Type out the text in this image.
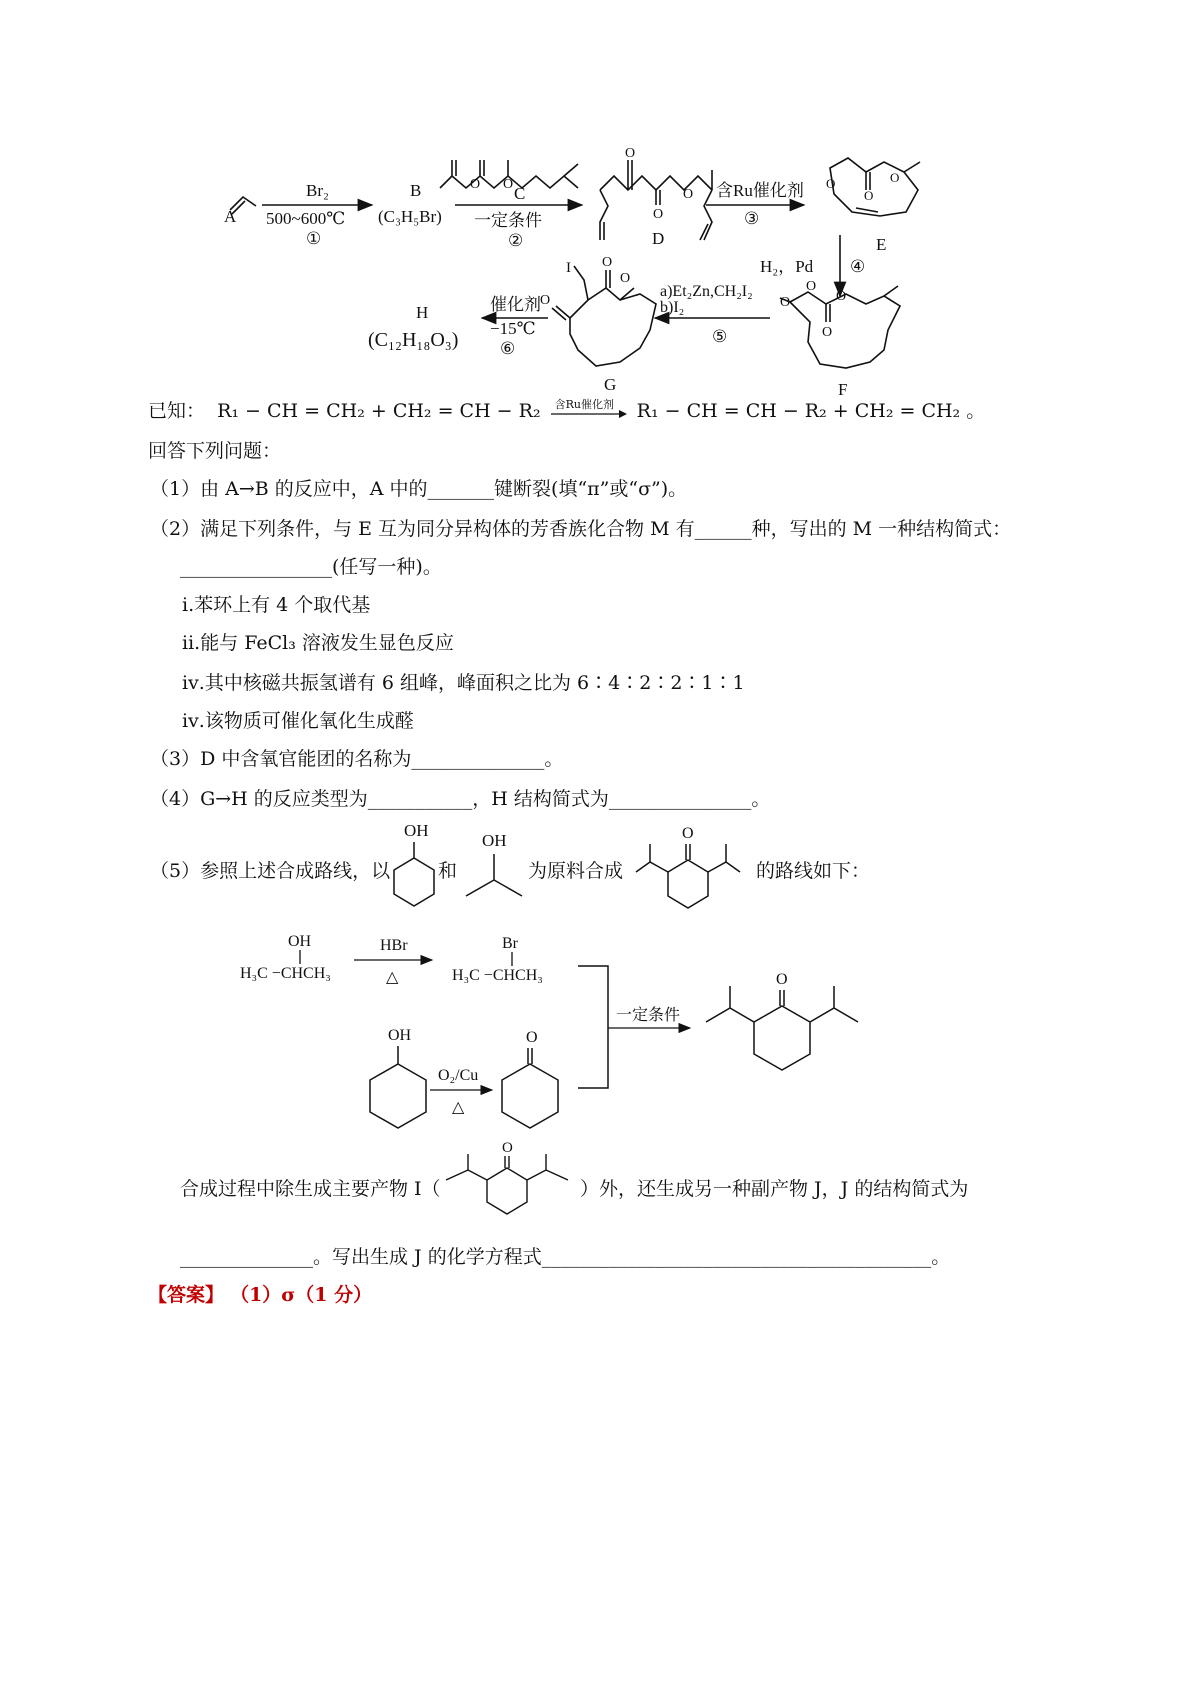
A
Br₂
500~600℃
①
B
(C₃H₅Br)
C
一定条件
②
O O
O
O
O
D
含Ru催化剂
③
O
O
O
E
H₂，Pd ④
O
O	O
O
F
a)Et₂Zn,CH₂I₂
b)I₂
⑤
I O
O
O
G
催化剂
−15℃
⑥
H
(C₁₂H₁₈O₃)
已知： R₁ − CH = CH₂ + CH₂ = CH − R₂ 含Ru催化剂 R₁ − CH = CH − R₂ + CH₂ = CH₂ 。
回答下列问题：
（1）由 A→B 的反应中，A 中的_______键断裂(填“π”或“σ”)。
（2）满足下列条件，与 E 互为同分异构体的芳香族化合物 M 有______种，写出的 M 一种结构简式：
________________(任写一种)。
ⅰ.苯环上有 4 个取代基
ⅱ.能与 FeCl₃ 溶液发生显色反应
ⅳ.其中核磁共振氢谱有 6 组峰，峰面积之比为 6∶4∶2∶2∶1∶1
ⅳ.该物质可催化氧化生成醛
（3）D 中含氧官能团的名称为______________。
（4）G→H 的反应类型为___________，H 结构简式为_______________。
（5）参照上述合成路线，以	和	为原料合成	的路线如下：
OH
OH	O
OH
H₃C −CHCH₃
HBr
△
Br
H₃C −CHCH₃
OH
O₂/Cu
△
O
一定条件
O
合成过程中除生成主要产物 I（
O
）外，还生成另一种副产物 J，J 的结构简式为
______________。写出生成 J 的化学方程式_________________________________________。
【答案】 （1）σ（1 分）
